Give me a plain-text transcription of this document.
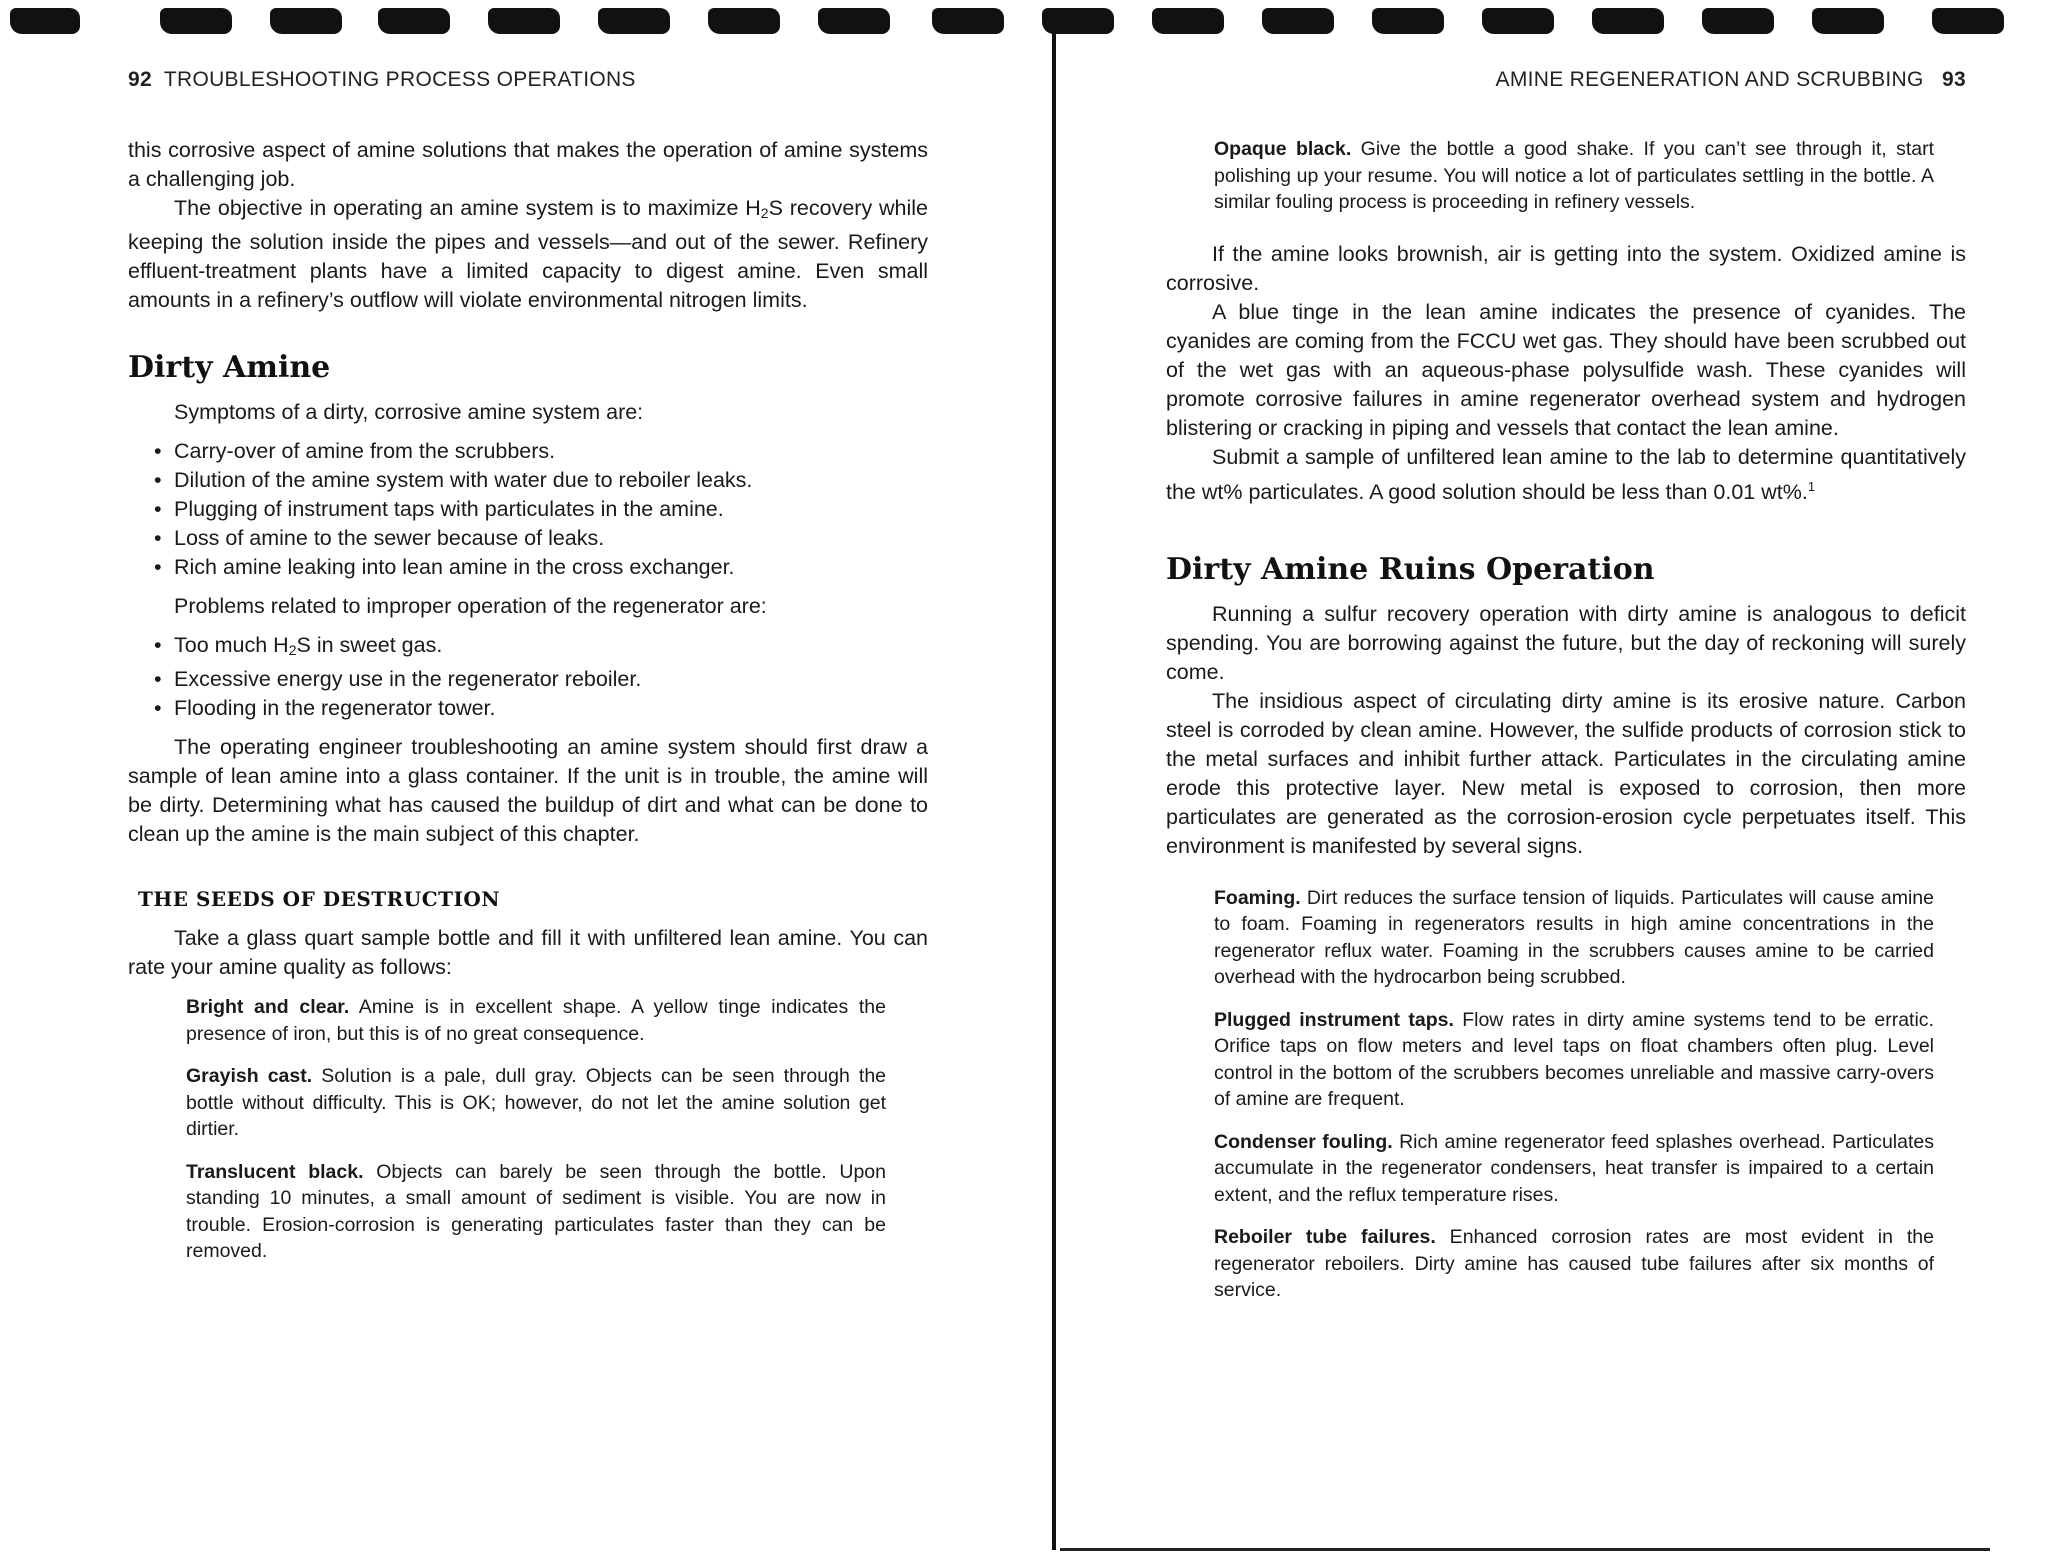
92 TROUBLESHOOTING PROCESS OPERATIONS

this corrosive aspect of amine solutions that makes the operation of amine systems a challenging job.

The objective in operating an amine system is to maximize $H_2S$ recovery while keeping the solution inside the pipes and vessels—and out of the sewer. Refinery effluent-treatment plants have a limited capacity to digest amine. Even small amounts in a refinery’s outflow will violate environmental nitrogen limits.

Dirty Amine

Symptoms of a dirty, corrosive amine system are:

• Carry-over of amine from the scrubbers.
• Dilution of the amine system with water due to reboiler leaks.
• Plugging of instrument taps with particulates in the amine.
• Loss of amine to the sewer because of leaks.
• Rich amine leaking into lean amine in the cross exchanger.

Problems related to improper operation of the regenerator are:

• Too much $H_2S$ in sweet gas.
• Excessive energy use in the regenerator reboiler.
• Flooding in the regenerator tower.

The operating engineer troubleshooting an amine system should first draw a sample of lean amine into a glass container. If the unit is in trouble, the amine will be dirty. Determining what has caused the buildup of dirt and what can be done to clean up the amine is the main subject of this chapter.

THE SEEDS OF DESTRUCTION

Take a glass quart sample bottle and fill it with unfiltered lean amine. You can rate your amine quality as follows:

Bright and clear. Amine is in excellent shape. A yellow tinge indicates the presence of iron, but this is of no great consequence.
Grayish cast. Solution is a pale, dull gray. Objects can be seen through the bottle without difficulty. This is OK; however, do not let the amine solution get dirtier.
Translucent black. Objects can barely be seen through the bottle. Upon standing 10 minutes, a small amount of sediment is visible. You are now in trouble. Erosion-corrosion is generating particulates faster than they can be removed.
AMINE REGENERATION AND SCRUBBING 93
Opaque black. Give the bottle a good shake. If you can’t see through it, start polishing up your resume. You will notice a lot of particulates settling in the bottle. A similar fouling process is proceeding in refinery vessels.

If the amine looks brownish, air is getting into the system. Oxidized amine is corrosive.

A blue tinge in the lean amine indicates the presence of cyanides. The cyanides are coming from the FCCU wet gas. They should have been scrubbed out of the wet gas with an aqueous-phase polysulfide wash. These cyanides will promote corrosive failures in amine regenerator overhead system and hydrogen blistering or cracking in piping and vessels that contact the lean amine.

Submit a sample of unfiltered lean amine to the lab to determine quantitatively the wt% particulates. A good solution should be less than 0.01 wt%.$^1$

Dirty Amine Ruins Operation

Running a sulfur recovery operation with dirty amine is analogous to deficit spending. You are borrowing against the future, but the day of reckoning will surely come.

The insidious aspect of circulating dirty amine is its erosive nature. Carbon steel is corroded by clean amine. However, the sulfide products of corrosion stick to the metal surfaces and inhibit further attack. Particulates in the circulating amine erode this protective layer. New metal is exposed to corrosion, then more particulates are generated as the corrosion-erosion cycle perpetuates itself. This environment is manifested by several signs.

Foaming. Dirt reduces the surface tension of liquids. Particulates will cause amine to foam. Foaming in regenerators results in high amine concentrations in the regenerator reflux water. Foaming in the scrubbers causes amine to be carried overhead with the hydrocarbon being scrubbed.
Plugged instrument taps. Flow rates in dirty amine systems tend to be erratic. Orifice taps on flow meters and level taps on float chambers often plug. Level control in the bottom of the scrubbers becomes unreliable and massive carry-overs of amine are frequent.
Condenser fouling. Rich amine regenerator feed splashes overhead. Particulates accumulate in the regenerator condensers, heat transfer is impaired to a certain extent, and the reflux temperature rises.
Reboiler tube failures. Enhanced corrosion rates are most evident in the regenerator reboilers. Dirty amine has caused tube failures after six months of service.
